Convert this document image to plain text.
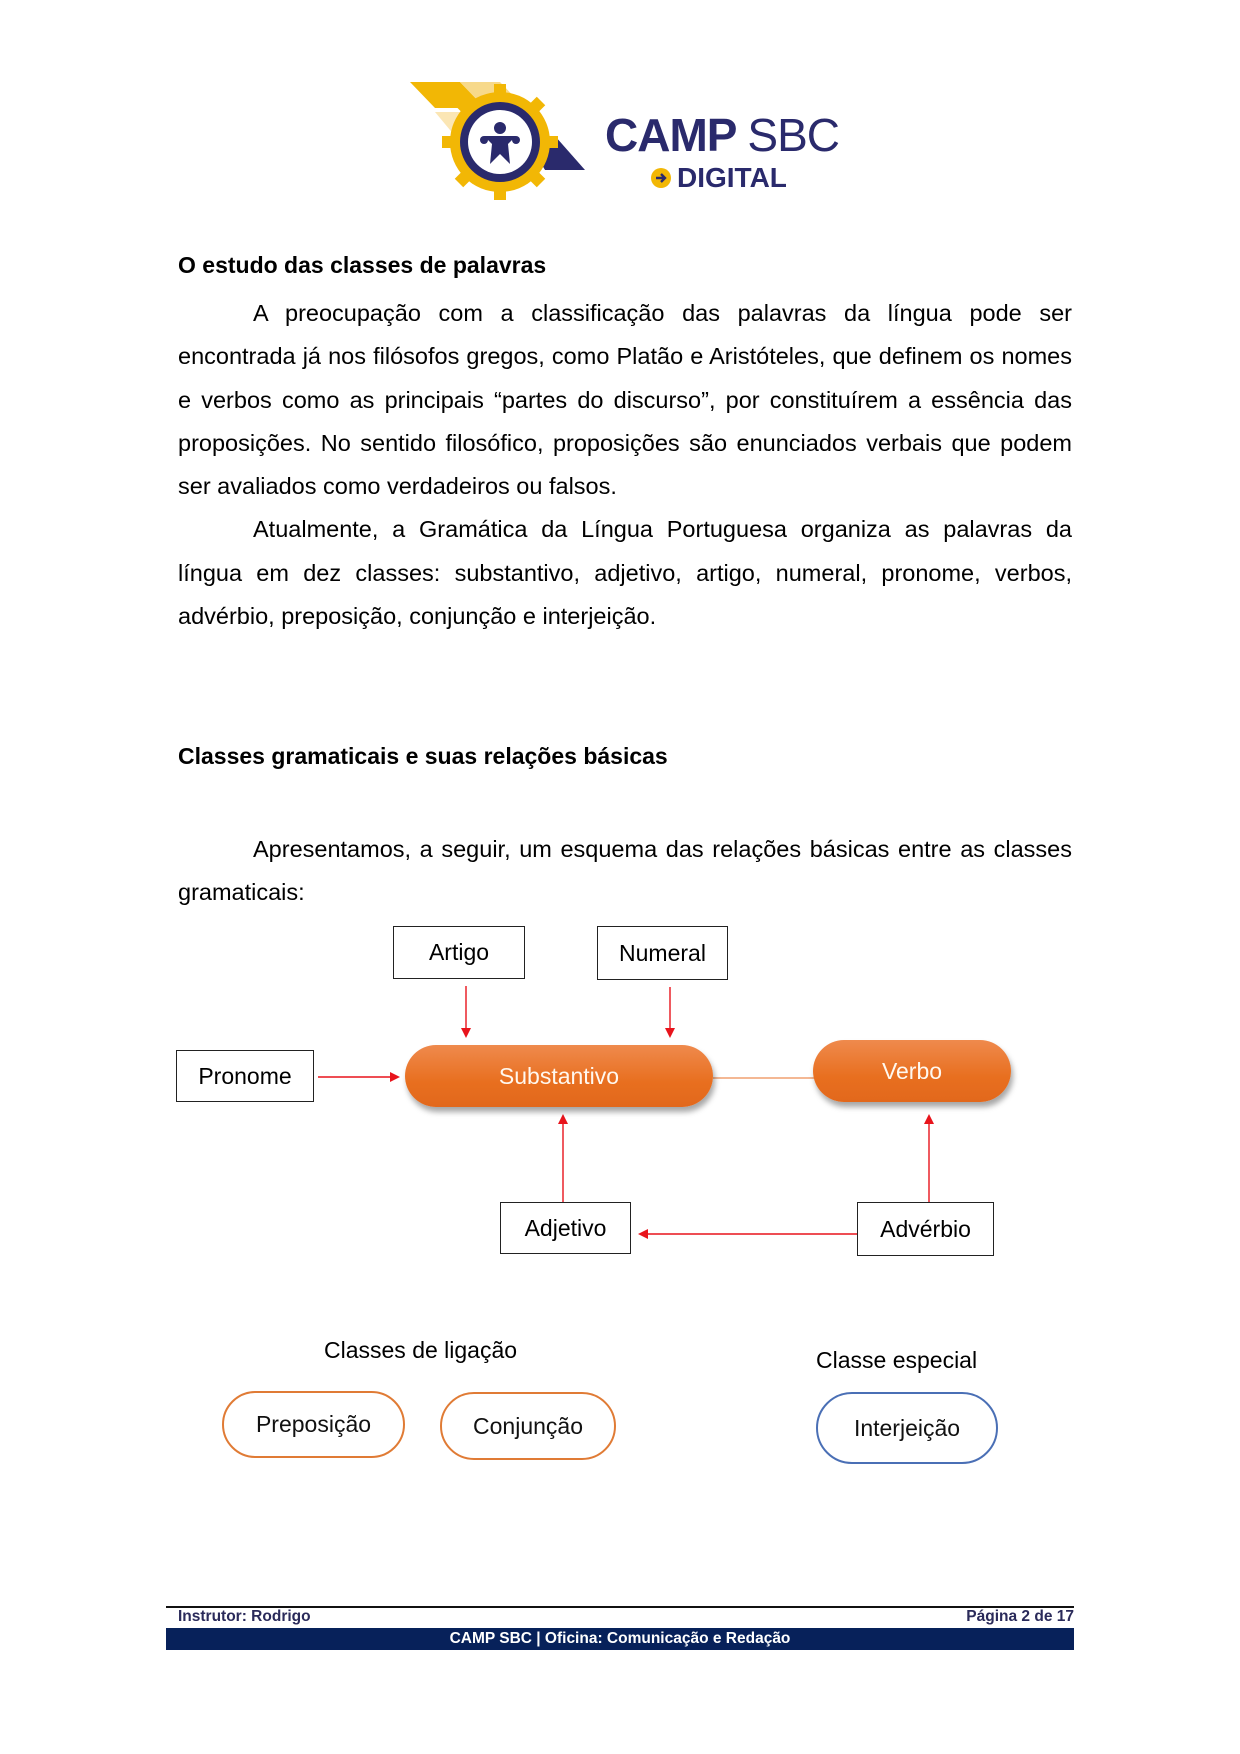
CAMP SBC
DIGITAL
O estudo das classes de palavras

A preocupação com a classificação das palavras da língua pode ser encontrada já nos filósofos gregos, como Platão e Aristóteles, que definem os nomes e verbos como as principais “partes do discurso”, por constituírem a essência das proposições. No sentido filosófico, proposições são enunciados verbais que podem ser avaliados como verdadeiros ou falsos.

Atualmente, a Gramática da Língua Portuguesa organiza as palavras da língua em dez classes: substantivo, adjetivo, artigo, numeral, pronome, verbos, advérbio, preposição, conjunção e interjeição.

Classes gramaticais e suas relações básicas

Apresentamos, a seguir, um esquema das relações básicas entre as classes gramaticais:

Artigo	Numeral
Pronome	Substantivo	Verbo
Adjetivo	Advérbio
Classes de ligação
Preposição	Conjunção
Classe especial
Interjeição
Instrutor: Rodrigo	Página 2 de 17
CAMP SBC | Oficina: Comunicação e Redação
